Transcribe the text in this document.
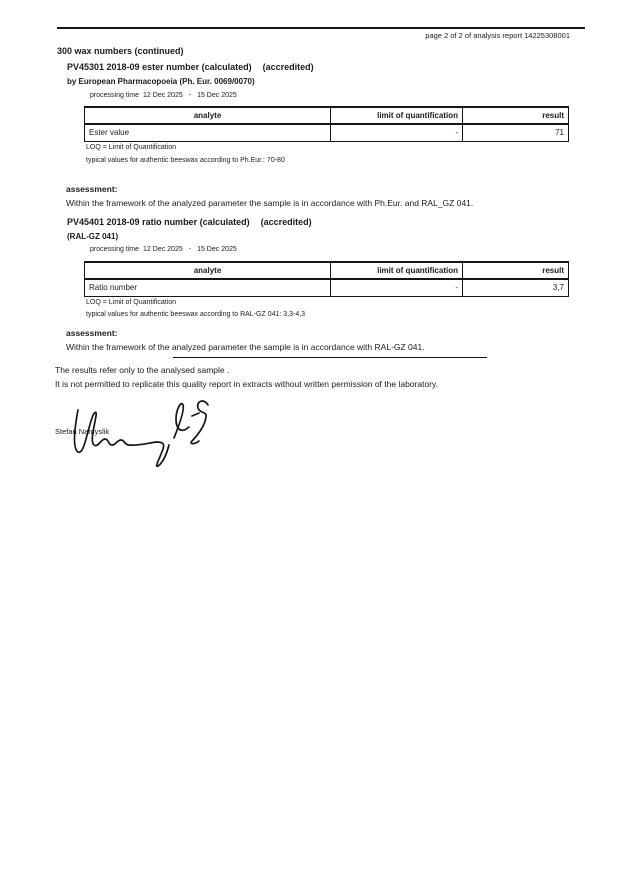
page 2 of 2 of analysis report 14225308001
300 wax numbers (continued)
PV45301 2018-09 ester number (calculated) (accredited)
by European Pharmacopoeia (Ph. Eur. 0069/0070)
processing time 12 Dec 2025 - 15 Dec 2025
analyte	limit of quantification	result
Ester value	-	71
LOQ = Limit of Quantification
typical values for authentic beeswax according to Ph.Eur.: 70-80
assessment:
Within the framework of the analyzed parameter the sample is in accordance with Ph.Eur. and RAL_GZ 041.
PV45401 2018-09 ratio number (calculated) (accredited)
(RAL-GZ 041)
processing time 12 Dec 2025 - 15 Dec 2025
analyte	limit of quantification	result
Ratio number	-	3,7
LOQ = Limit of Quantification
typical values for authentic beeswax according to RAL-GZ 041: 3,3-4,3
assessment:
Within the framework of the analyzed parameter the sample is in accordance with RAL-GZ 041.
The results refer only to the analysed sample .
It is not permitted to replicate this quality report in extracts without written permission of the laboratory.
Stefan Namyslik
